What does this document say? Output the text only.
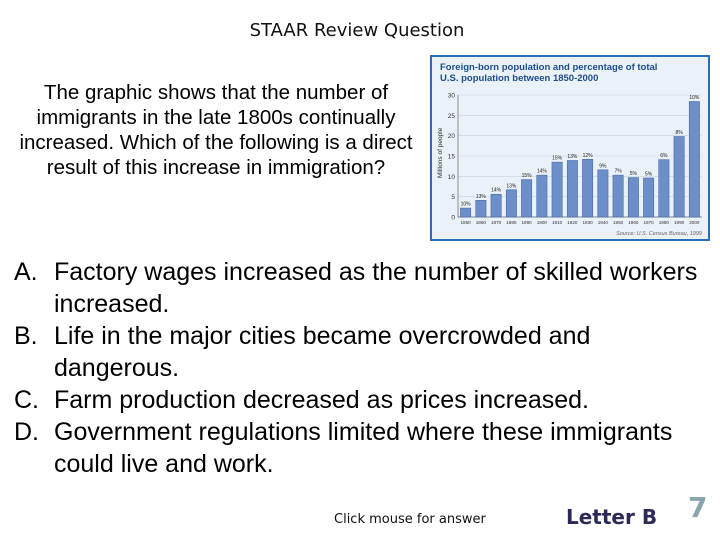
STAAR Review Question
The graphic shows that the number of immigrants in the late 1800s continually increased. Which of the following is a direct result of this increase in immigration?
Foreign-born population and percentage of total
U.S. population between 1850-2000
0
5
10
15
20
25
30
Millions of people
10%
13%
14%
13%
15%
14%
15% 13% 12%
9%
7% 5% 5%
6%
8%
10%
1850 1860 1870 1880 1890 1900 1910 1920 1930 1940 1950 1960 1970 1980 1990 2000
Source: U.S. Census Bureau, 1999
A. Factory wages increased as the number of skilled workers increased.
B. Life in the major cities became overcrowded and dangerous.
C. Farm production decreased as prices increased.
D. Government regulations limited where these immigrants could live and work.
Click mouse for answer	Letter B 7
